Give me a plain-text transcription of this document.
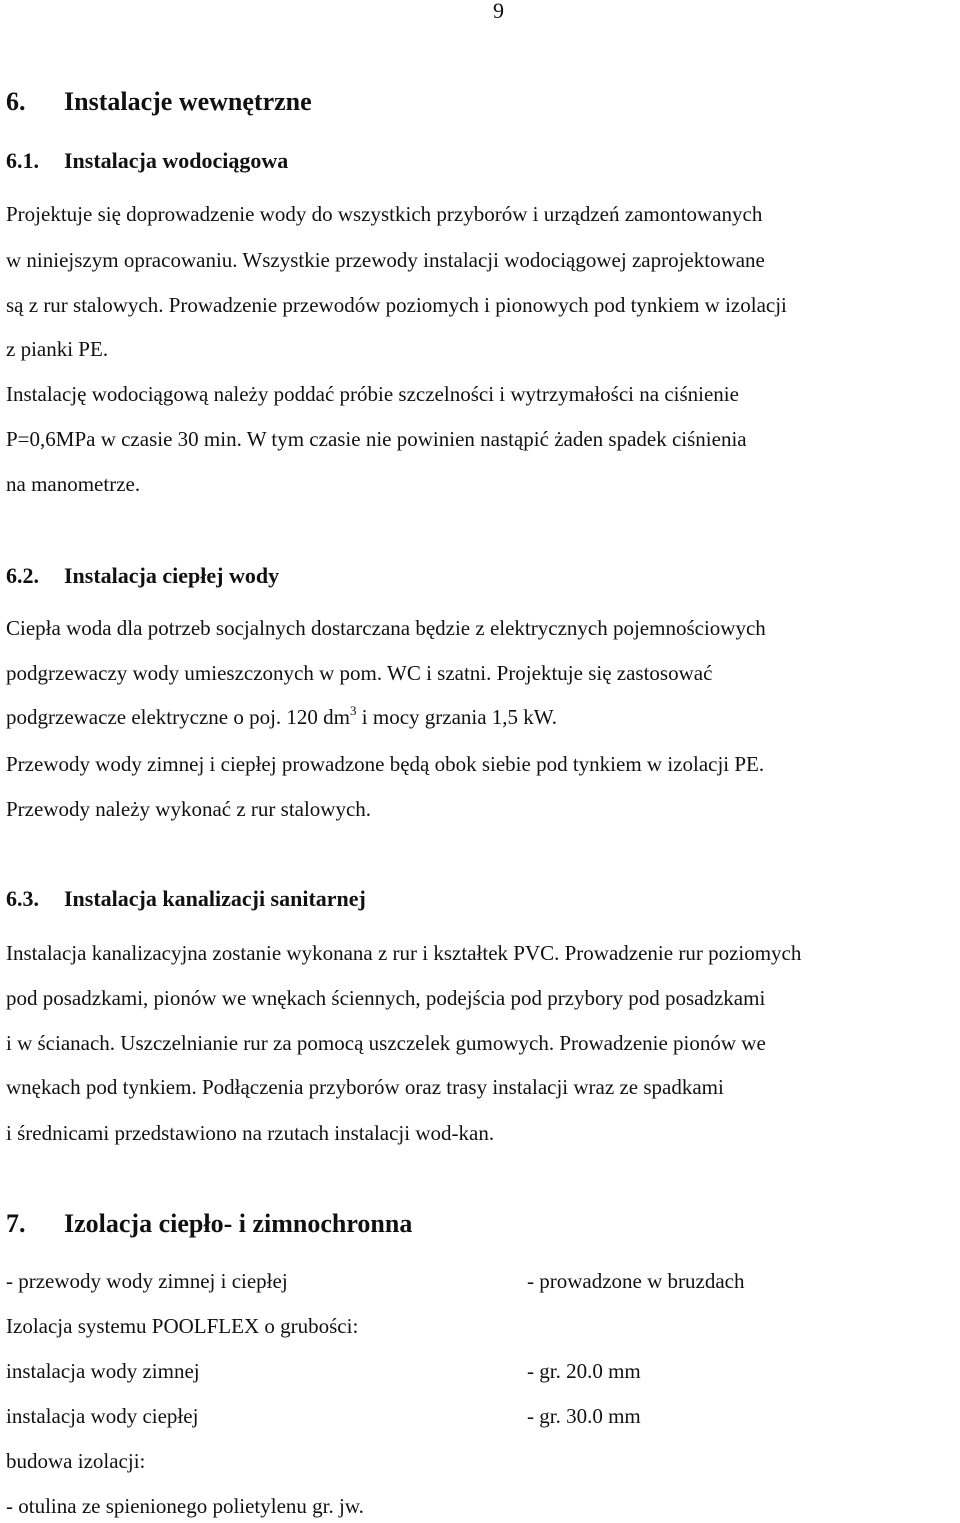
9
6. Instalacje wewnętrzne
6.1. Instalacja wodociągowa
Projektuje się doprowadzenie wody do wszystkich przyborów i urządzeń zamontowanych
w niniejszym opracowaniu. Wszystkie przewody instalacji wodociągowej zaprojektowane
są z rur stalowych. Prowadzenie przewodów poziomych i pionowych pod tynkiem w izolacji
z pianki PE.
Instalację wodociągową należy poddać próbie szczelności i wytrzymałości na ciśnienie
P=0,6MPa w czasie 30 min. W tym czasie nie powinien nastąpić żaden spadek ciśnienia
na manometrze.
6.2. Instalacja ciepłej wody
Ciepła woda dla potrzeb socjalnych dostarczana będzie z elektrycznych pojemnościowych
podgrzewaczy wody umieszczonych w pom. WC i szatni. Projektuje się zastosować
podgrzewacze elektryczne o poj. 120 $dm^3$ i mocy grzania 1,5 kW.
Przewody wody zimnej i ciepłej prowadzone będą obok siebie pod tynkiem w izolacji PE.
Przewody należy wykonać z rur stalowych.
6.3. Instalacja kanalizacji sanitarnej
Instalacja kanalizacyjna zostanie wykonana z rur i kształtek PVC. Prowadzenie rur poziomych
pod posadzkami, pionów we wnękach ściennych, podejścia pod przybory pod posadzkami
i w ścianach. Uszczelnianie rur za pomocą uszczelek gumowych. Prowadzenie pionów we
wnękach pod tynkiem. Podłączenia przyborów oraz trasy instalacji wraz ze spadkami
i średnicami przedstawiono na rzutach instalacji wod-kan.
7. Izolacja ciepło- i zimnochronna
- przewody wody zimnej i ciepłej	- prowadzone w bruzdach
Izolacja systemu POOLFLEX o grubości:
instalacja wody zimnej	- gr. 20.0 mm
instalacja wody ciepłej	- gr. 30.0 mm
budowa izolacji:
- otulina ze spienionego polietylenu gr. jw.
